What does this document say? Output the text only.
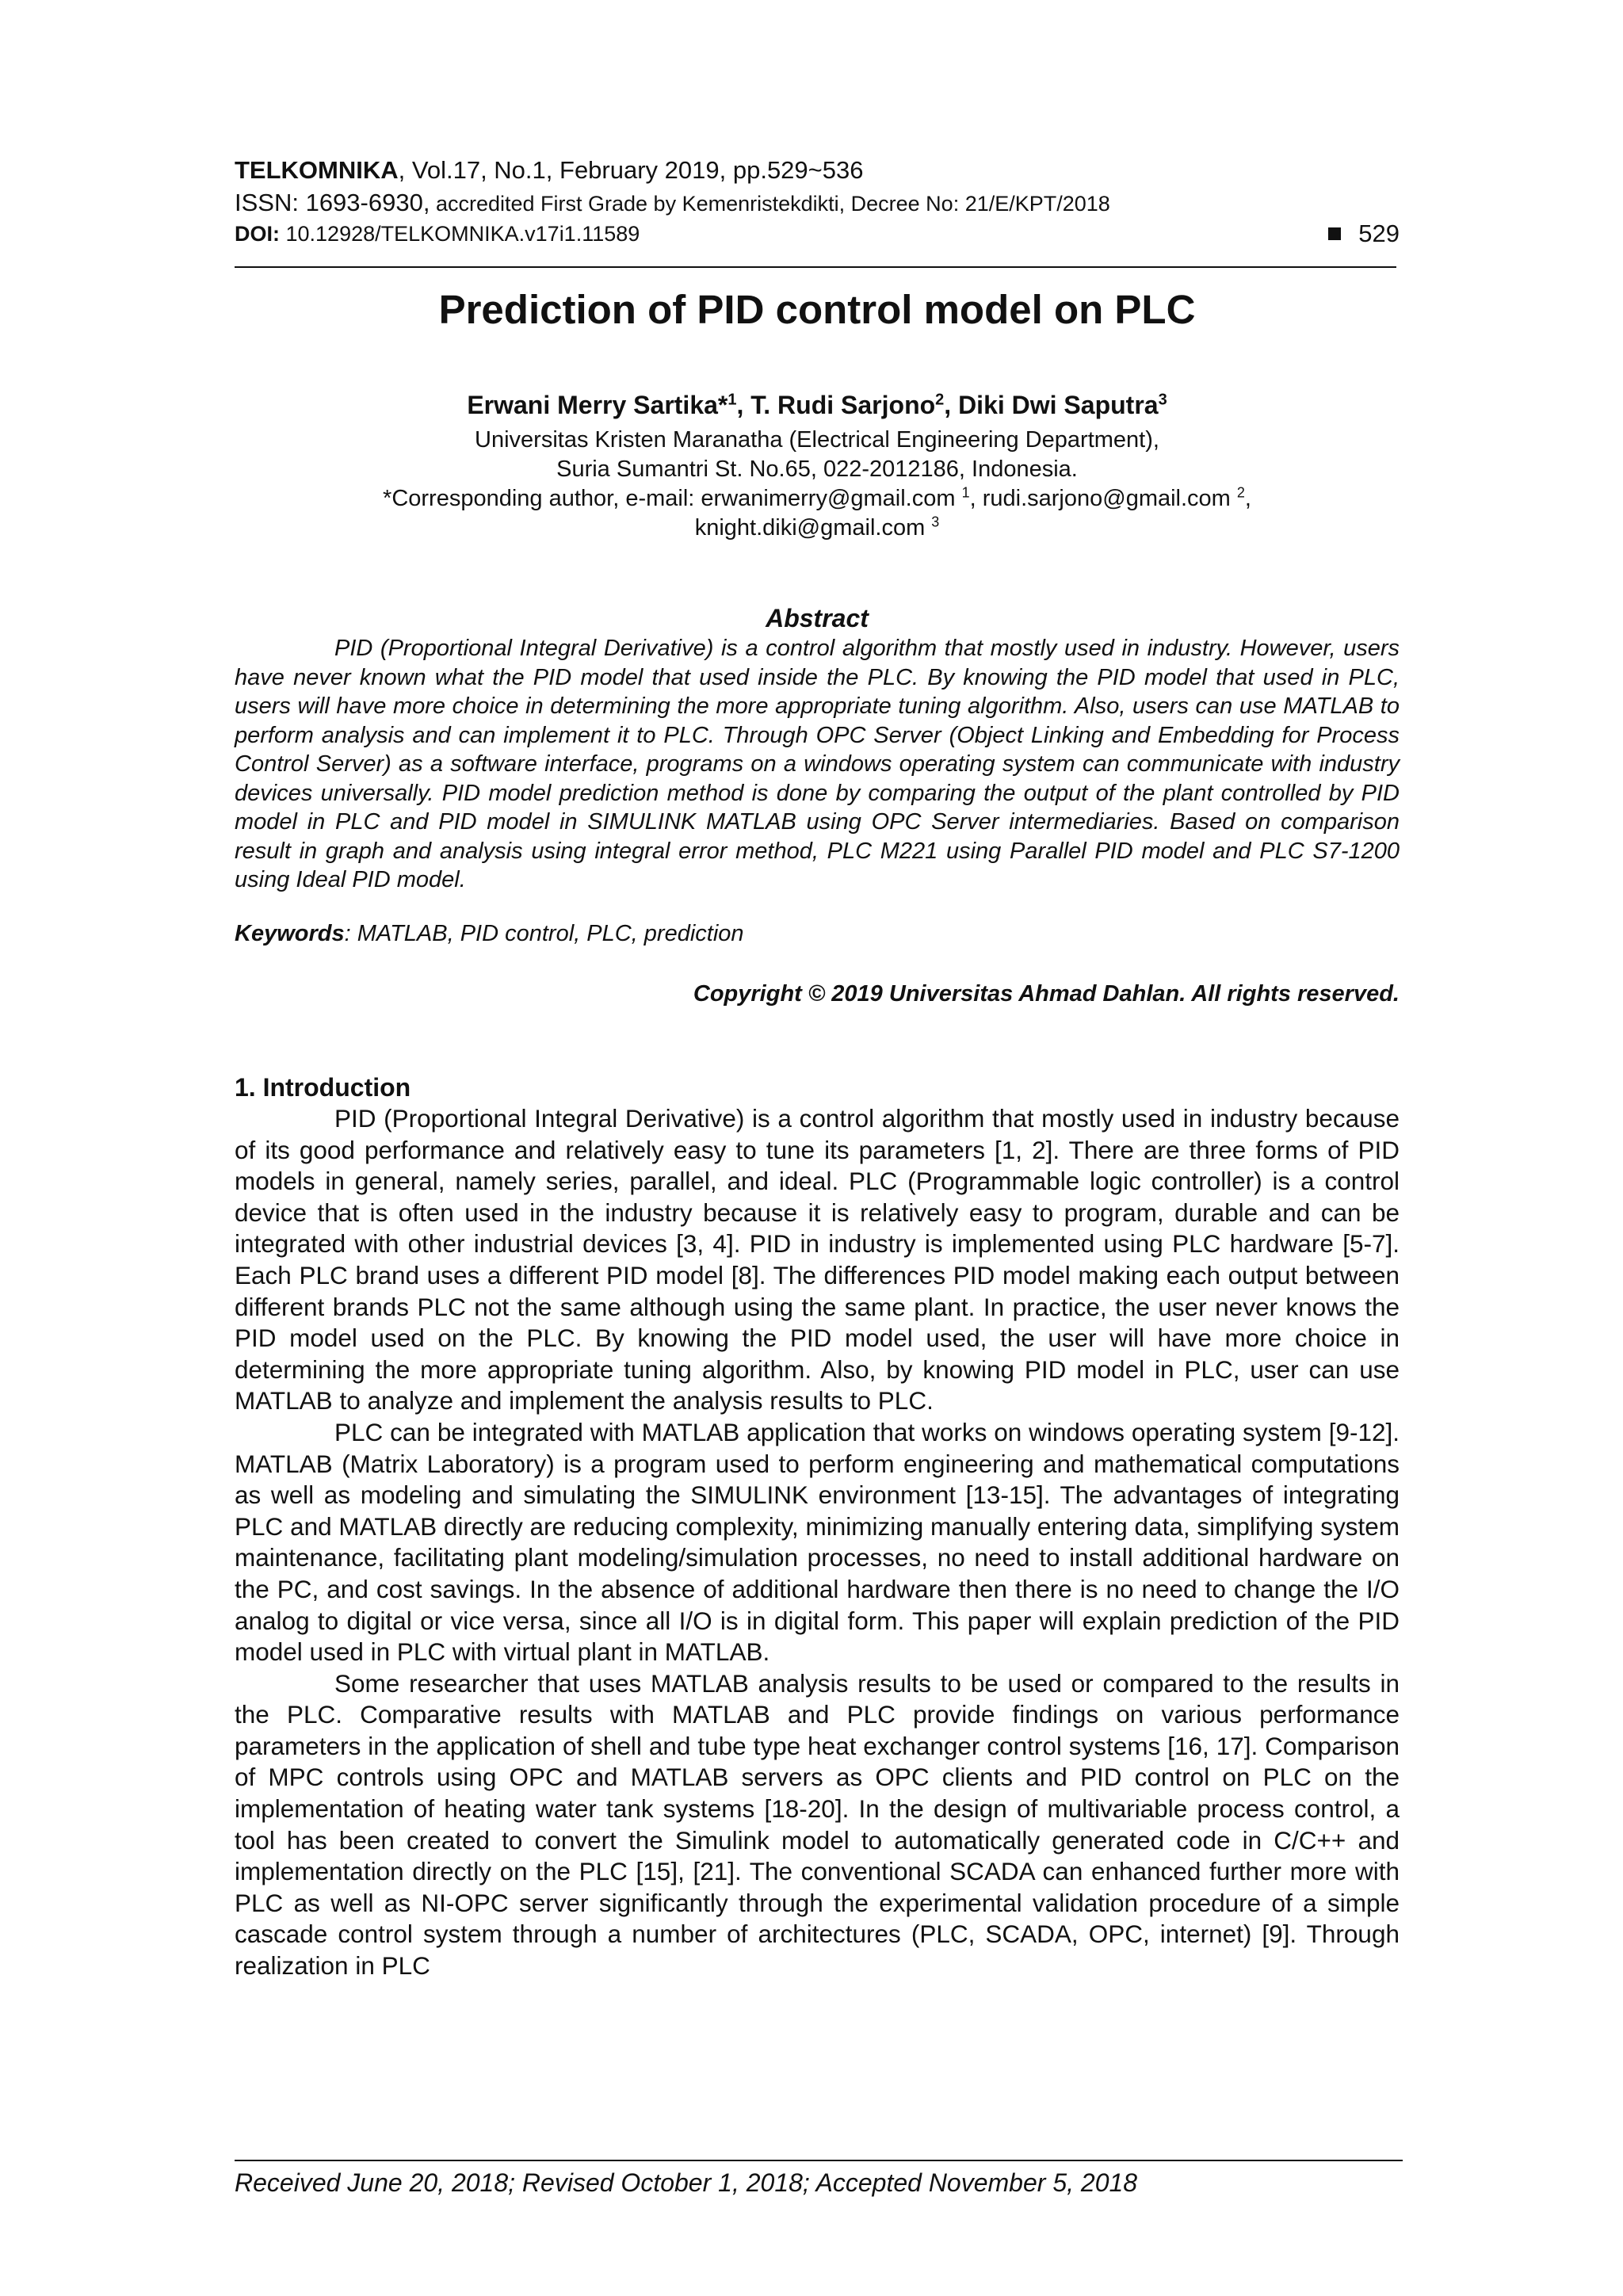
TELKOMNIKA, Vol.17, No.1, February 2019, pp.529~536
ISSN: 1693-6930, accredited First Grade by Kemenristekdikti, Decree No: 21/E/KPT/2018
DOI: 10.12928/TELKOMNIKA.v17i1.11589	529
Prediction of PID control model on PLC
Erwani Merry Sartika*$^1$, T. Rudi Sarjono$^2$, Diki Dwi Saputra$^3$
Universitas Kristen Maranatha (Electrical Engineering Department),
Suria Sumantri St. No.65, 022-2012186, Indonesia.
*Corresponding author, e-mail: erwanimerry@gmail.com $^1$, rudi.sarjono@gmail.com $^2$,
knight.diki@gmail.com $^3$
Abstract
PID (Proportional Integral Derivative) is a control algorithm that mostly used in industry. However, users have never known what the PID model that used inside the PLC. By knowing the PID model that used in PLC, users will have more choice in determining the more appropriate tuning algorithm. Also, users can use MATLAB to perform analysis and can implement it to PLC. Through OPC Server (Object Linking and Embedding for Process Control Server) as a software interface, programs on a windows operating system can communicate with industry devices universally. PID model prediction method is done by comparing the output of the plant controlled by PID model in PLC and PID model in SIMULINK MATLAB using OPC Server intermediaries. Based on comparison result in graph and analysis using integral error method, PLC M221 using Parallel PID model and PLC S7-1200 using Ideal PID model.
Keywords: MATLAB, PID control, PLC, prediction
Copyright © 2019 Universitas Ahmad Dahlan. All rights reserved.
1. Introduction

PID (Proportional Integral Derivative) is a control algorithm that mostly used in industry because of its good performance and relatively easy to tune its parameters [1, 2]. There are three forms of PID models in general, namely series, parallel, and ideal. PLC (Programmable logic controller) is a control device that is often used in the industry because it is relatively easy to program, durable and can be integrated with other industrial devices [3, 4]. PID in industry is implemented using PLC hardware [5-7]. Each PLC brand uses a different PID model [8]. The differences PID model making each output between different brands PLC not the same although using the same plant. In practice, the user never knows the PID model used on the PLC. By knowing the PID model used, the user will have more choice in determining the more appropriate tuning algorithm. Also, by knowing PID model in PLC, user can use MATLAB to analyze and implement the analysis results to PLC.

PLC can be integrated with MATLAB application that works on windows operating system [9-12]. MATLAB (Matrix Laboratory) is a program used to perform engineering and mathematical computations as well as modeling and simulating the SIMULINK environment [13-15]. The advantages of integrating PLC and MATLAB directly are reducing complexity, minimizing manually entering data, simplifying system maintenance, facilitating plant modeling/simulation processes, no need to install additional hardware on the PC, and cost savings. In the absence of additional hardware then there is no need to change the I/O analog to digital or vice versa, since all I/O is in digital form. This paper will explain prediction of the PID model used in PLC with virtual plant in MATLAB.

Some researcher that uses MATLAB analysis results to be used or compared to the results in the PLC. Comparative results with MATLAB and PLC provide findings on various performance parameters in the application of shell and tube type heat exchanger control systems [16, 17]. Comparison of MPC controls using OPC and MATLAB servers as OPC clients and PID control on PLC on the implementation of heating water tank systems [18-20]. In the design of multivariable process control, a tool has been created to convert the Simulink model to automatically generated code in C/C++ and implementation directly on the PLC [15], [21]. The conventional SCADA can enhanced further more with PLC as well as NI-OPC server significantly through the experimental validation procedure of a simple cascade control system through a number of architectures (PLC, SCADA, OPC, internet) [9]. Through realization in PLC

Received June 20, 2018; Revised October 1, 2018; Accepted November 5, 2018
